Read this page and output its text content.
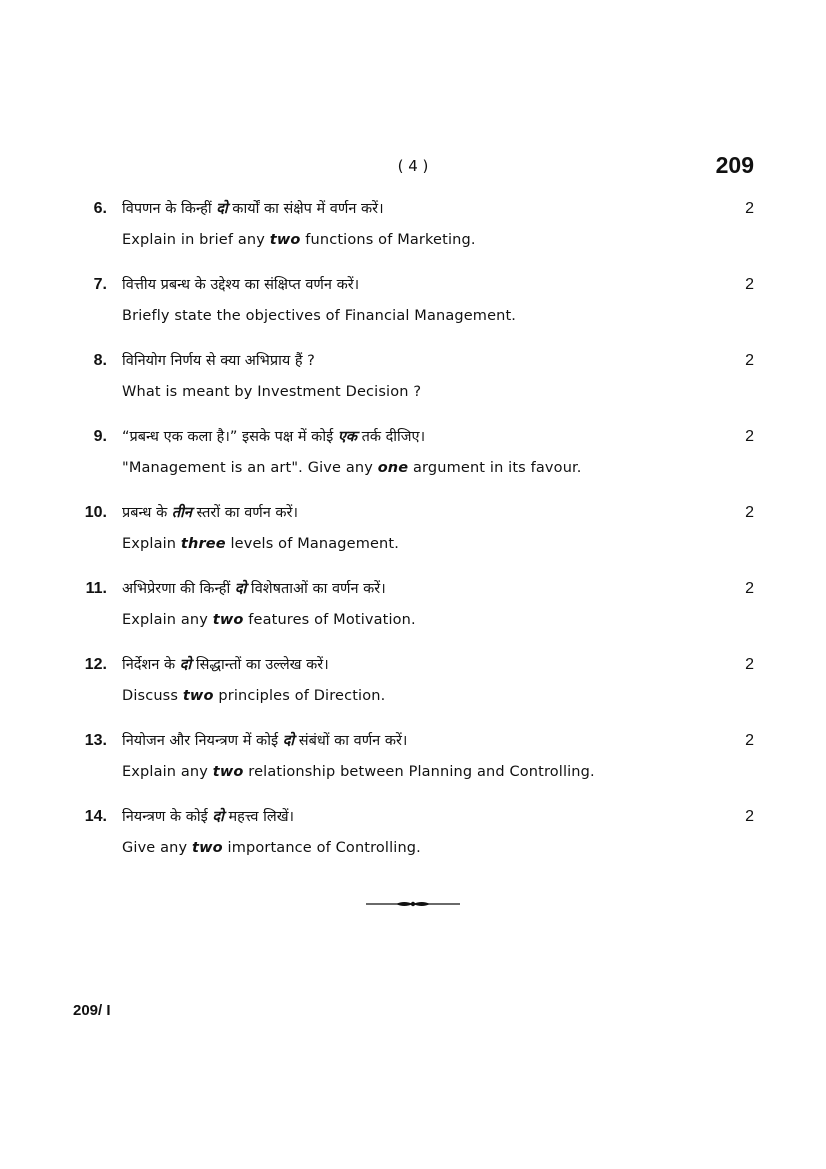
( 4 )	209
6. विपणन के किन्हीं दो कार्यों का संक्षेप में वर्णन करें।
Explain in brief any two functions of Marketing.
2
7. वित्तीय प्रबन्ध के उद्देश्य का संक्षिप्त वर्णन करें।
Briefly state the objectives of Financial Management.
2
8. विनियोग निर्णय से क्या अभिप्राय हैं ?
What is meant by Investment Decision ?
2
9. “प्रबन्ध एक कला है।” इसके पक्ष में कोई एक तर्क दीजिए।
"Management is an art". Give any one argument in its favour.
2
10. प्रबन्ध के तीन स्तरों का वर्णन करें।
Explain three levels of Management.
2
11. अभिप्रेरणा की किन्हीं दो विशेषताओं का वर्णन करें।
Explain any two features of Motivation.
2
12. निर्देशन के दो सिद्धान्तों का उल्लेख करें।
Discuss two principles of Direction.
2
13. नियोजन और नियन्त्रण में कोई दो संबंधों का वर्णन करें।
Explain any two relationship between Planning and Controlling.
2
14. नियन्त्रण के कोई दो महत्त्व लिखें।
Give any two importance of Controlling.
2
209/ I
